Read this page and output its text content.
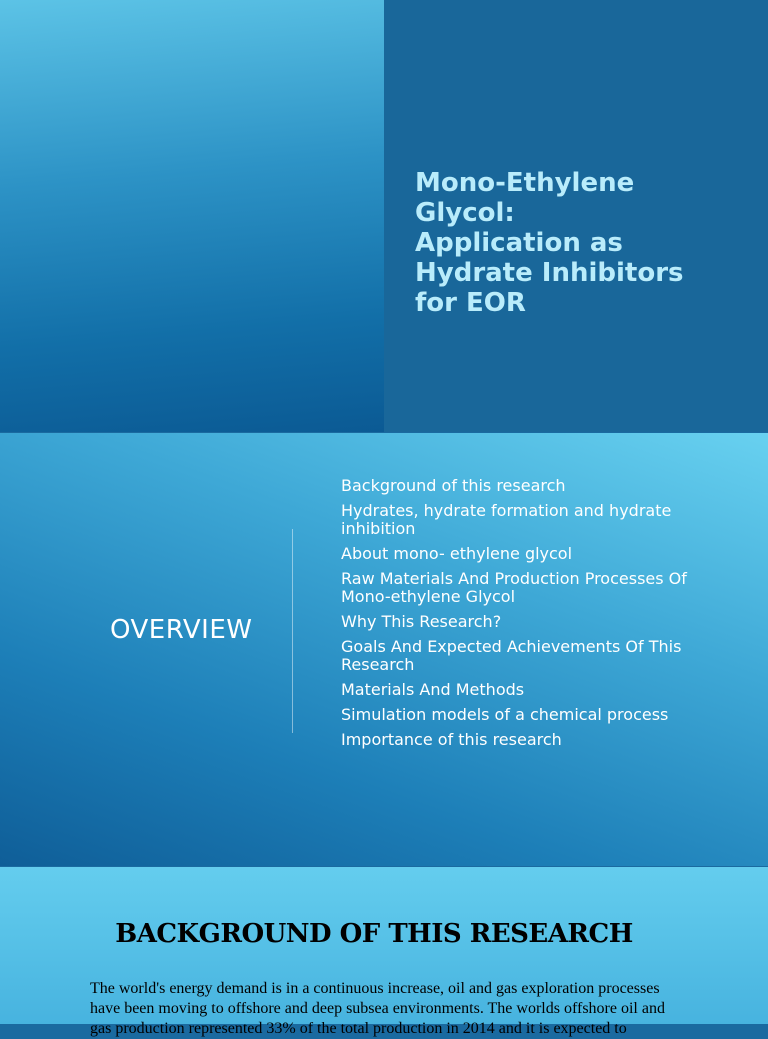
Mono-Ethylene
Glycol:
Application as
Hydrate Inhibitors
for EOR
OVERVIEW
Background of this research
Hydrates, hydrate formation and hydrate inhibition
About mono- ethylene glycol
Raw Materials And Production Processes Of Mono-ethylene Glycol
Why This Research?
Goals And Expected Achievements Of This Research
Materials And Methods
Simulation models of a chemical process
Importance of this research
BACKGROUND OF THIS RESEARCH
The world's energy demand is in a continuous increase, oil and gas exploration processes have been moving to offshore and deep subsea environments. The worlds offshore oil and gas production represented 33% of the total production in 2014 and it is expected to
